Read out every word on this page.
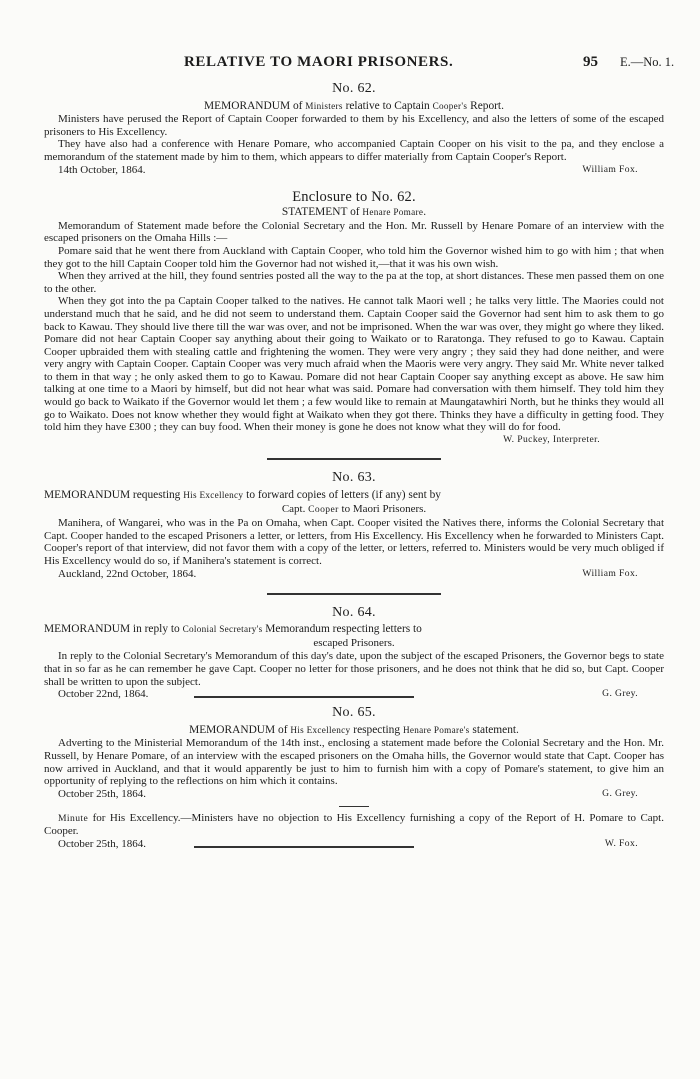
RELATIVE TO MAORI PRISONERS.	95 E.—No. 1.
No. 62.
MEMORANDUM of Ministers relative to Captain Cooper's Report.

Ministers have perused the Report of Captain Cooper forwarded to them by his Excellency, and also the letters of some of the escaped prisoners to His Excellency.

They have also had a conference with Henare Pomare, who accompanied Captain Cooper on his visit to the pa, and they enclose a memorandum of the statement made by him to them, which appears to differ materially from Captain Cooper's Report.

14th October, 1864.	William Fox.
Enclosure to No. 62.
STATEMENT of Henare Pomare.

Memorandum of Statement made before the Colonial Secretary and the Hon. Mr. Russell by Henare Pomare of an interview with the escaped prisoners on the Omaha Hills :—

Pomare said that he went there from Auckland with Captain Cooper, who told him the Governor wished him to go with him ; that when they got to the hill Captain Cooper told him the Governor had not wished it,—that it was his own wish.

When they arrived at the hill, they found sentries posted all the way to the pa at the top, at short distances. These men passed them on one to the other.

When they got into the pa Captain Cooper talked to the natives. He cannot talk Maori well ; he talks very little. The Maories could not understand much that he said, and he did not seem to understand them. Captain Cooper said the Governor had sent him to ask them to go back to Kawau. They should live there till the war was over, and not be imprisoned. When the war was over, they might go where they liked. Pomare did not hear Captain Cooper say anything about their going to Waikato or to Raratonga. They refused to go to Kawau. Captain Cooper upbraided them with stealing cattle and frightening the women. They were very angry ; they said they had done neither, and were very angry with Captain Cooper. Captain Cooper was very much afraid when the Maoris were very angry. They said Mr. White never talked to them in that way ; he only asked them to go to Kawau. Pomare did not hear Captain Cooper say anything except as above. He saw him talking at one time to a Maori by himself, but did not hear what was said. Pomare had conversation with them himself. They told him they would go back to Waikato if the Governor would let them ; a few would like to remain at Maungatawhiri North, but he thinks they would all go to Waikato. Does not know whether they would fight at Waikato when they got there. Thinks they have a difficulty in getting food. They told him they have £300 ; they can buy food. When their money is gone he does not know what they will do for food.

W. Puckey, Interpreter.
No. 63.
MEMORANDUM requesting His Excellency to forward copies of letters (if any) sent by
Capt. Cooper to Maori Prisoners.

Manihera, of Wangarei, who was in the Pa on Omaha, when Capt. Cooper visited the Natives there, informs the Colonial Secretary that Capt. Cooper handed to the escaped Prisoners a letter, or letters, from His Excellency. His Excellency when he forwarded to Ministers Capt. Cooper's report of that interview, did not favor them with a copy of the letter, or letters, referred to. Ministers would be very much obliged if His Excellency would do so, if Manihera's statement is correct.

Auckland, 22nd October, 1864.	William Fox.
No. 64.
MEMORANDUM in reply to Colonial Secretary's Memorandum respecting letters to
escaped Prisoners.

In reply to the Colonial Secretary's Memorandum of this day's date, upon the subject of the escaped Prisoners, the Governor begs to state that in so far as he can remember he gave Capt. Cooper no letter for those prisoners, and he does not think that he did so, but Capt. Cooper shall be written to upon the subject.

October 22nd, 1864.	G. Grey.
No. 65.
MEMORANDUM of His Excellency respecting Henare Pomare's statement.

Adverting to the Ministerial Memorandum of the 14th inst., enclosing a statement made before the Colonial Secretary and the Hon. Mr. Russell, by Henare Pomare, of an interview with the escaped prisoners on the Omaha hills, the Governor would state that Capt. Cooper has now arrived in Auckland, and that it would apparently be just to him to furnish him with a copy of Pomare's statement, to give him an opportunity of replying to the reflections on him which it contains.

October 25th, 1864.	G. Grey.

Minute for His Excellency.—Ministers have no objection to His Excellency furnishing a copy of the Report of H. Pomare to Capt. Cooper.

October 25th, 1864.	W. Fox.
